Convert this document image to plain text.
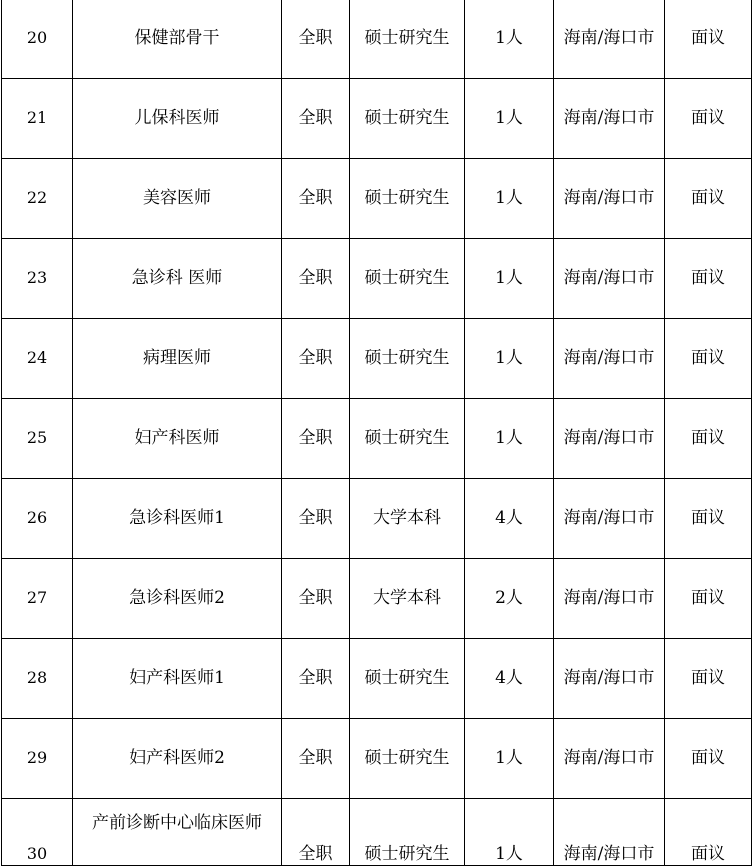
20	保健部骨干	全职	硕士研究生	1人	海南/海口市	面议
21	儿保科医师	全职	硕士研究生	1人	海南/海口市	面议
22	美容医师	全职	硕士研究生	1人	海南/海口市	面议
23	急诊科 医师	全职	硕士研究生	1人	海南/海口市	面议
24	病理医师	全职	硕士研究生	1人	海南/海口市	面议
25	妇产科医师	全职	硕士研究生	1人	海南/海口市	面议
26	急诊科医师1	全职	大学本科	4人	海南/海口市	面议
27	急诊科医师2	全职	大学本科	2人	海南/海口市	面议
28	妇产科医师1	全职	硕士研究生	4人	海南/海口市	面议
29	妇产科医师2	全职	硕士研究生	1人	海南/海口市	面议
30	产前诊断中心临床医师	全职	硕士研究生	1人	海南/海口市	面议
